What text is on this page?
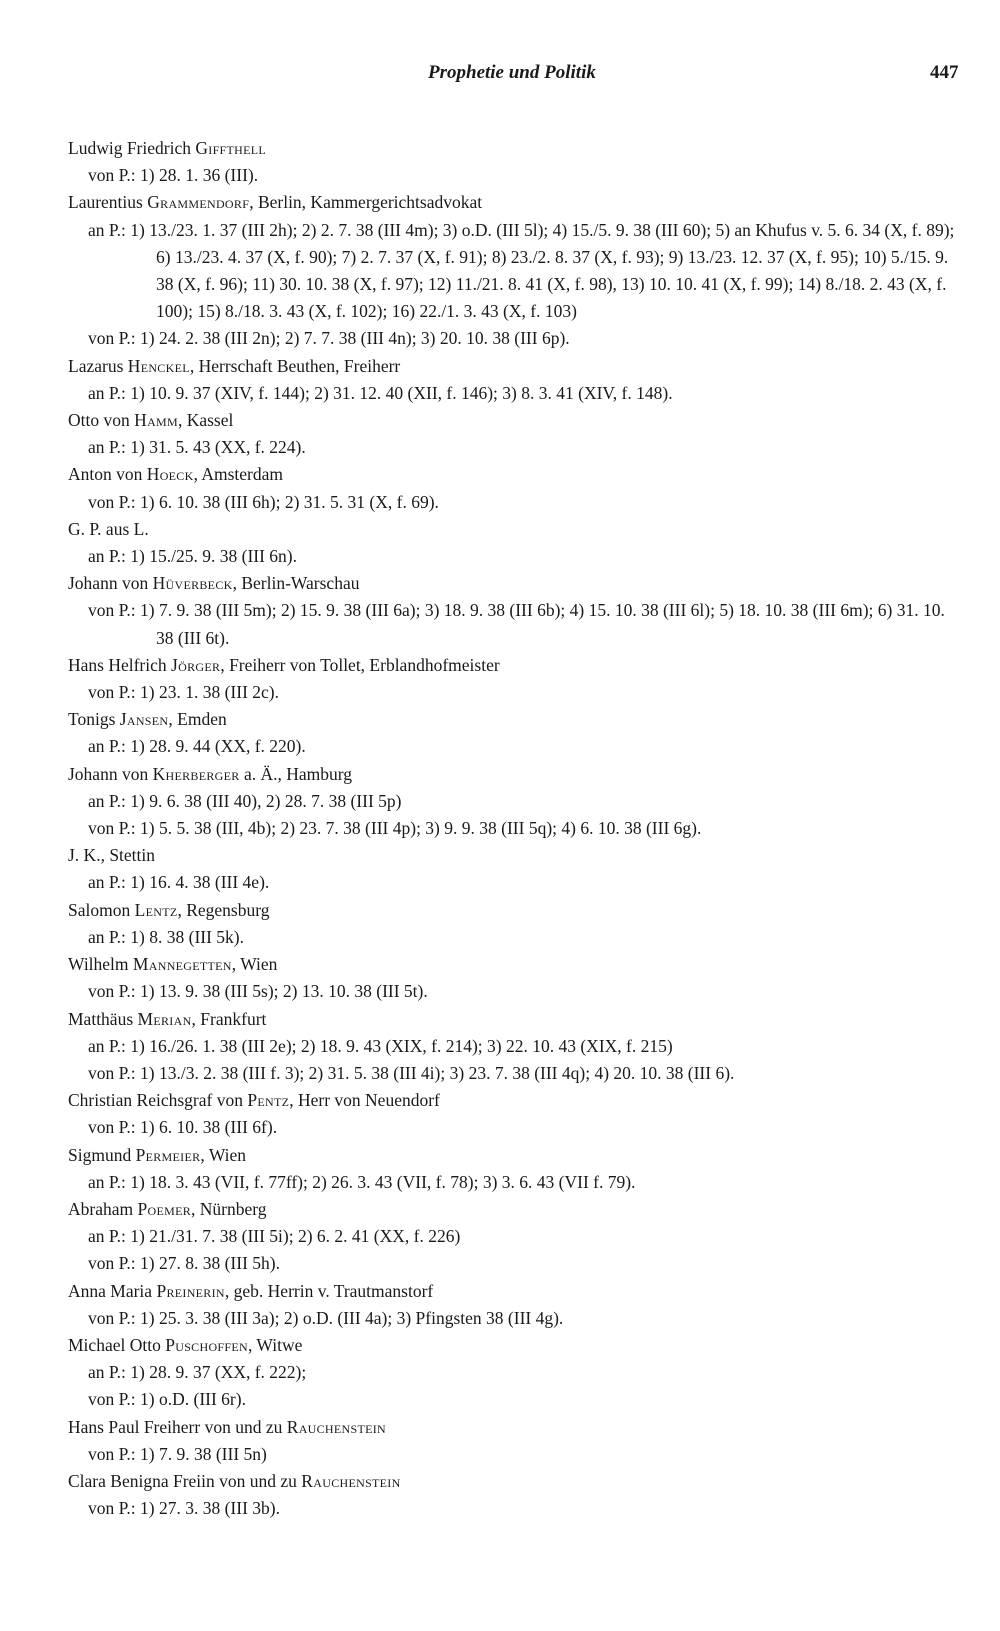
Prophetie und Politik	447

Ludwig Friedrich Giffthell

von P.: 1) 28. 1. 36 (III).

Laurentius Grammendorf, Berlin, Kammergerichtsadvokat

an P.: 1) 13./23. 1. 37 (III 2h); 2) 2. 7. 38 (III 4m); 3) o.D. (III 5l); 4) 15./5. 9. 38 (III 60); 5) an Khufus v. 5. 6. 34 (X, f. 89); 6) 13./23. 4. 37 (X, f. 90); 7) 2. 7. 37 (X, f. 91); 8) 23./2. 8. 37 (X, f. 93); 9) 13./23. 12. 37 (X, f. 95); 10) 5./15. 9. 38 (X, f. 96); 11) 30. 10. 38 (X, f. 97); 12) 11./21. 8. 41 (X, f. 98), 13) 10. 10. 41 (X, f. 99); 14) 8./18. 2. 43 (X, f. 100); 15) 8./18. 3. 43 (X, f. 102); 16) 22./1. 3. 43 (X, f. 103)

von P.: 1) 24. 2. 38 (III 2n); 2) 7. 7. 38 (III 4n); 3) 20. 10. 38 (III 6p).

Lazarus Henckel, Herrschaft Beuthen, Freiherr

an P.: 1) 10. 9. 37 (XIV, f. 144); 2) 31. 12. 40 (XII, f. 146); 3) 8. 3. 41 (XIV, f. 148).

Otto von Hamm, Kassel

an P.: 1) 31. 5. 43 (XX, f. 224).

Anton von Hoeck, Amsterdam

von P.: 1) 6. 10. 38 (III 6h); 2) 31. 5. 31 (X, f. 69).

G. P. aus L.

an P.: 1) 15./25. 9. 38 (III 6n).

Johann von Hüverbeck, Berlin-Warschau

von P.: 1) 7. 9. 38 (III 5m); 2) 15. 9. 38 (III 6a); 3) 18. 9. 38 (III 6b); 4) 15. 10. 38 (III 6l); 5) 18. 10. 38 (III 6m); 6) 31. 10. 38 (III 6t).

Hans Helfrich Jörger, Freiherr von Tollet, Erblandhofmeister

von P.: 1) 23. 1. 38 (III 2c).

Tonigs Jansen, Emden

an P.: 1) 28. 9. 44 (XX, f. 220).

Johann von Kherberger a. Ä., Hamburg

an P.: 1) 9. 6. 38 (III 40), 2) 28. 7. 38 (III 5p)

von P.: 1) 5. 5. 38 (III, 4b); 2) 23. 7. 38 (III 4p); 3) 9. 9. 38 (III 5q); 4) 6. 10. 38 (III 6g).

J. K., Stettin

an P.: 1) 16. 4. 38 (III 4e).

Salomon Lentz, Regensburg

an P.: 1) 8. 38 (III 5k).

Wilhelm Mannegetten, Wien

von P.: 1) 13. 9. 38 (III 5s); 2) 13. 10. 38 (III 5t).

Matthäus Merian, Frankfurt

an P.: 1) 16./26. 1. 38 (III 2e); 2) 18. 9. 43 (XIX, f. 214); 3) 22. 10. 43 (XIX, f. 215)

von P.: 1) 13./3. 2. 38 (III f. 3); 2) 31. 5. 38 (III 4i); 3) 23. 7. 38 (III 4q); 4) 20. 10. 38 (III 6).

Christian Reichsgraf von Pentz, Herr von Neuendorf

von P.: 1) 6. 10. 38 (III 6f).

Sigmund Permeier, Wien

an P.: 1) 18. 3. 43 (VII, f. 77ff); 2) 26. 3. 43 (VII, f. 78); 3) 3. 6. 43 (VII f. 79).

Abraham Poemer, Nürnberg

an P.: 1) 21./31. 7. 38 (III 5i); 2) 6. 2. 41 (XX, f. 226)

von P.: 1) 27. 8. 38 (III 5h).

Anna Maria Preinerin, geb. Herrin v. Trautmanstorf

von P.: 1) 25. 3. 38 (III 3a); 2) o.D. (III 4a); 3) Pfingsten 38 (III 4g).

Michael Otto Puschoffen, Witwe

an P.: 1) 28. 9. 37 (XX, f. 222);

von P.: 1) o.D. (III 6r).

Hans Paul Freiherr von und zu Rauchenstein

von P.: 1) 7. 9. 38 (III 5n)

Clara Benigna Freiin von und zu Rauchenstein

von P.: 1) 27. 3. 38 (III 3b).
